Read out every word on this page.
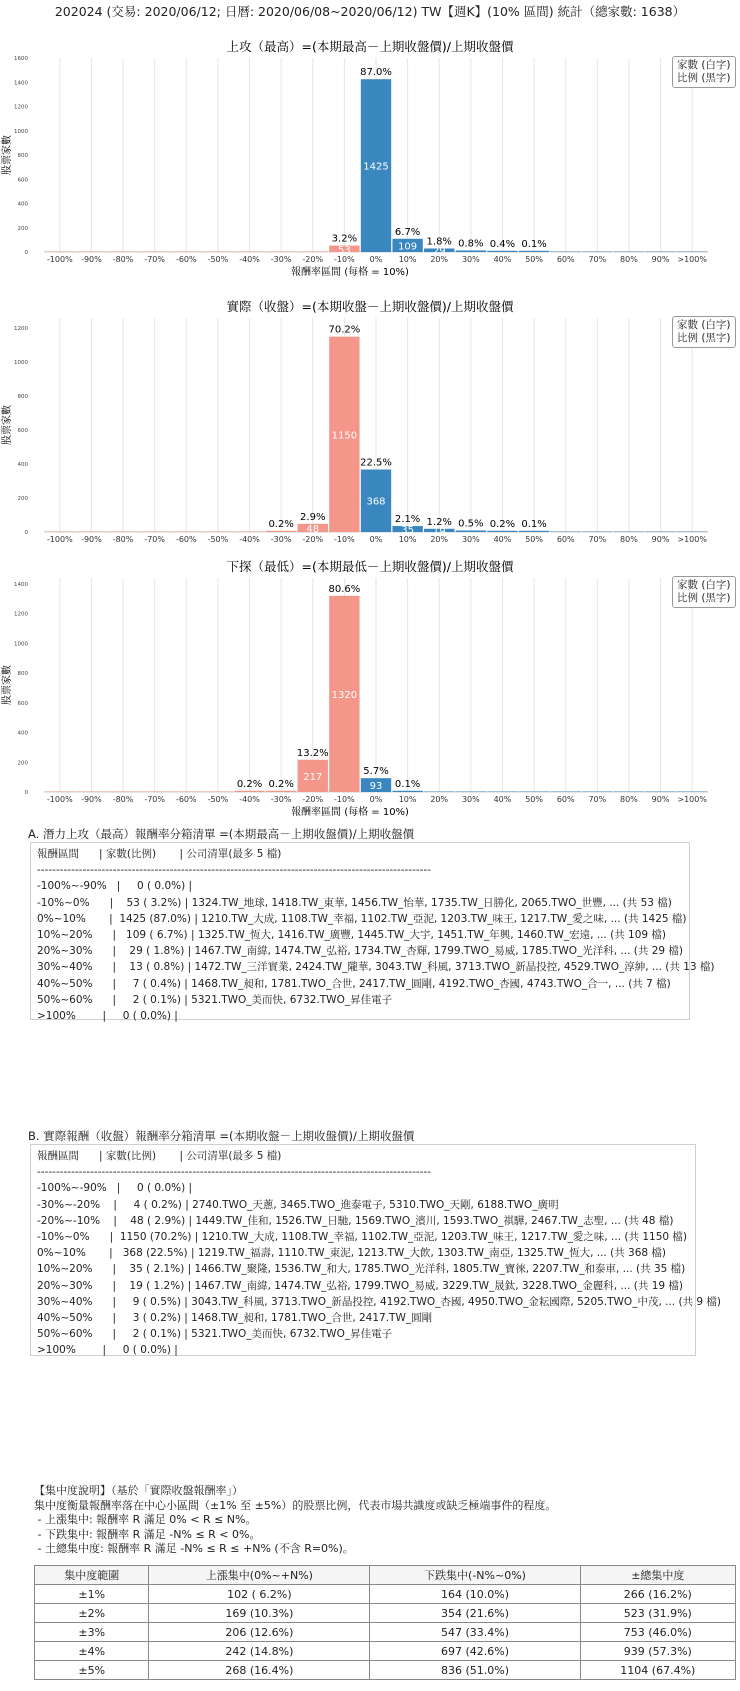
202024 (交易: 2020/06/12; 日曆: 2020/06/08~2020/06/12) TW【週K】(10% 區間) 統計（總家數: 1638）
上攻（最高）=(本期最高－上期收盤價)/上期收盤價
0
200
400
600
800
1000
1200
1400
1600
股票家數
-100% -90% -80% -70% -60% -50% -40% -30% -20%
3.2%
53
-10%
87.0%
1425
0%
6.7%
109
10%
1.8%
29
20%
0.8%
30%
0.4%
40%
0.1%
50% 60% 70% 80% 90% >100%
報酬率區間 (每格 = 10%)
家數 (白字)
比例 (黑字)
實際（收盤）=(本期收盤－上期收盤價)/上期收盤價
0
200
400
600
800
1000
1200
股票家數
-100% -90% -80% -70% -60% -50% -40%
0.2%
-30%
2.9%
48
-20%
70.2%
1150
-10%
22.5%
368
0%
2.1%
35
10%
1.2%
19
20%
0.5%
30%
0.2%
40%
0.1%
50% 60% 70% 80% 90% >100%
家數 (白字)
比例 (黑字)
下探（最低）=(本期最低－上期收盤價)/上期收盤價
0
200
400
600
800
1000
1200
1400
股票家數
-100% -90% -80% -70% -60% -50%
0.2%
-40%
0.2%
-30%
13.2%
217
-20%
80.6%
1320
-10%
5.7%
93
0%
0.1%
10% 20% 30% 40% 50% 60% 70% 80% 90% >100%
報酬率區間 (每格 = 10%)
家數 (白字)
比例 (黑字)
A. 潛力上攻（最高）報酬率分箱清單 =(本期最高－上期收盤價)/上期收盤價
報酬區間      | 家數(比例)       | 公司清單(最多 5 檔)
--------------------------------------------------------------------------------------------------------
-100%~-90%   |     0 ( 0.0%) |
-10%~0%      |    53 ( 3.2%) | 1324.TW_地球, 1418.TW_東華, 1456.TW_怡華, 1735.TW_日勝化, 2065.TWO_世豐, ... (共 53 檔)
0%~10%       |  1425 (87.0%) | 1210.TW_大成, 1108.TW_幸福, 1102.TW_亞泥, 1203.TW_味王, 1217.TW_愛之味, ... (共 1425 檔)
10%~20%      |   109 ( 6.7%) | 1325.TW_恆大, 1416.TW_廣豐, 1445.TW_大宇, 1451.TW_年興, 1460.TW_宏遠, ... (共 109 檔)
20%~30%      |    29 ( 1.8%) | 1467.TW_南緯, 1474.TW_弘裕, 1734.TW_杏輝, 1799.TWO_易威, 1785.TWO_光洋科, ... (共 29 檔)
30%~40%      |    13 ( 0.8%) | 1472.TW_三洋實業, 2424.TW_隴華, 3043.TW_科風, 3713.TWO_新晶投控, 4529.TWO_淳紳, ... (共 13 檔)
40%~50%      |     7 ( 0.4%) | 1468.TW_昶和, 1781.TWO_合世, 2417.TW_圓剛, 4192.TWO_杏國, 4743.TWO_合一, ... (共 7 檔)
50%~60%      |     2 ( 0.1%) | 5321.TWO_美而快, 6732.TWO_昇佳電子
>100%        |     0 ( 0.0%) |
B. 實際報酬（收盤）報酬率分箱清單 =(本期收盤－上期收盤價)/上期收盤價
報酬區間      | 家數(比例)       | 公司清單(最多 5 檔)
--------------------------------------------------------------------------------------------------------
-100%~-90%   |     0 ( 0.0%) |
-30%~-20%    |     4 ( 0.2%) | 2740.TWO_天蔥, 3465.TWO_進泰電子, 5310.TWO_天剛, 6188.TWO_廣明
-20%~-10%    |    48 ( 2.9%) | 1449.TW_佳和, 1526.TW_日馳, 1569.TWO_濱川, 1593.TWO_祺驊, 2467.TW_志聖, ... (共 48 檔)
-10%~0%      |  1150 (70.2%) | 1210.TW_大成, 1108.TW_幸福, 1102.TW_亞泥, 1203.TW_味王, 1217.TW_愛之味, ... (共 1150 檔)
0%~10%       |   368 (22.5%) | 1219.TW_福壽, 1110.TW_東泥, 1213.TW_大飲, 1303.TW_南亞, 1325.TW_恆大, ... (共 368 檔)
10%~20%      |    35 ( 2.1%) | 1466.TW_聚隆, 1536.TW_和大, 1785.TWO_光洋科, 1805.TW_寶徠, 2207.TW_和泰車, ... (共 35 檔)
20%~30%      |    19 ( 1.2%) | 1467.TW_南緯, 1474.TW_弘裕, 1799.TWO_易威, 3229.TW_晟鈦, 3228.TWO_金麗科, ... (共 19 檔)
30%~40%      |     9 ( 0.5%) | 3043.TW_科風, 3713.TWO_新晶投控, 4192.TWO_杏國, 4950.TWO_金耘國際, 5205.TWO_中茂, ... (共 9 檔)
40%~50%      |     3 ( 0.2%) | 1468.TW_昶和, 1781.TWO_合世, 2417.TW_圓剛
50%~60%      |     2 ( 0.1%) | 5321.TWO_美而快, 6732.TWO_昇佳電子
>100%        |     0 ( 0.0%) |
【集中度說明】（基於「實際收盤報酬率」）
集中度衡量報酬率落在中心小區間（±1% 至 ±5%）的股票比例，代表市場共識度或缺乏極端事件的程度。
- 上漲集中: 報酬率 R 滿足 0% < R ≤ N%。
- 下跌集中: 報酬率 R 滿足 -N% ≤ R < 0%。
- 土總集中度: 報酬率 R 滿足 -N% ≤ R ≤ +N% (不含 R=0%)。
集中度範圍	上漲集中(0%~+N%)	下跌集中(-N%~0%)	±總集中度
±1%	102 ( 6.2%)	164 (10.0%)	266 (16.2%)
±2%	169 (10.3%)	354 (21.6%)	523 (31.9%)
±3%	206 (12.6%)	547 (33.4%)	753 (46.0%)
±4%	242 (14.8%)	697 (42.6%)	939 (57.3%)
±5%	268 (16.4%)	836 (51.0%)	1104 (67.4%)
